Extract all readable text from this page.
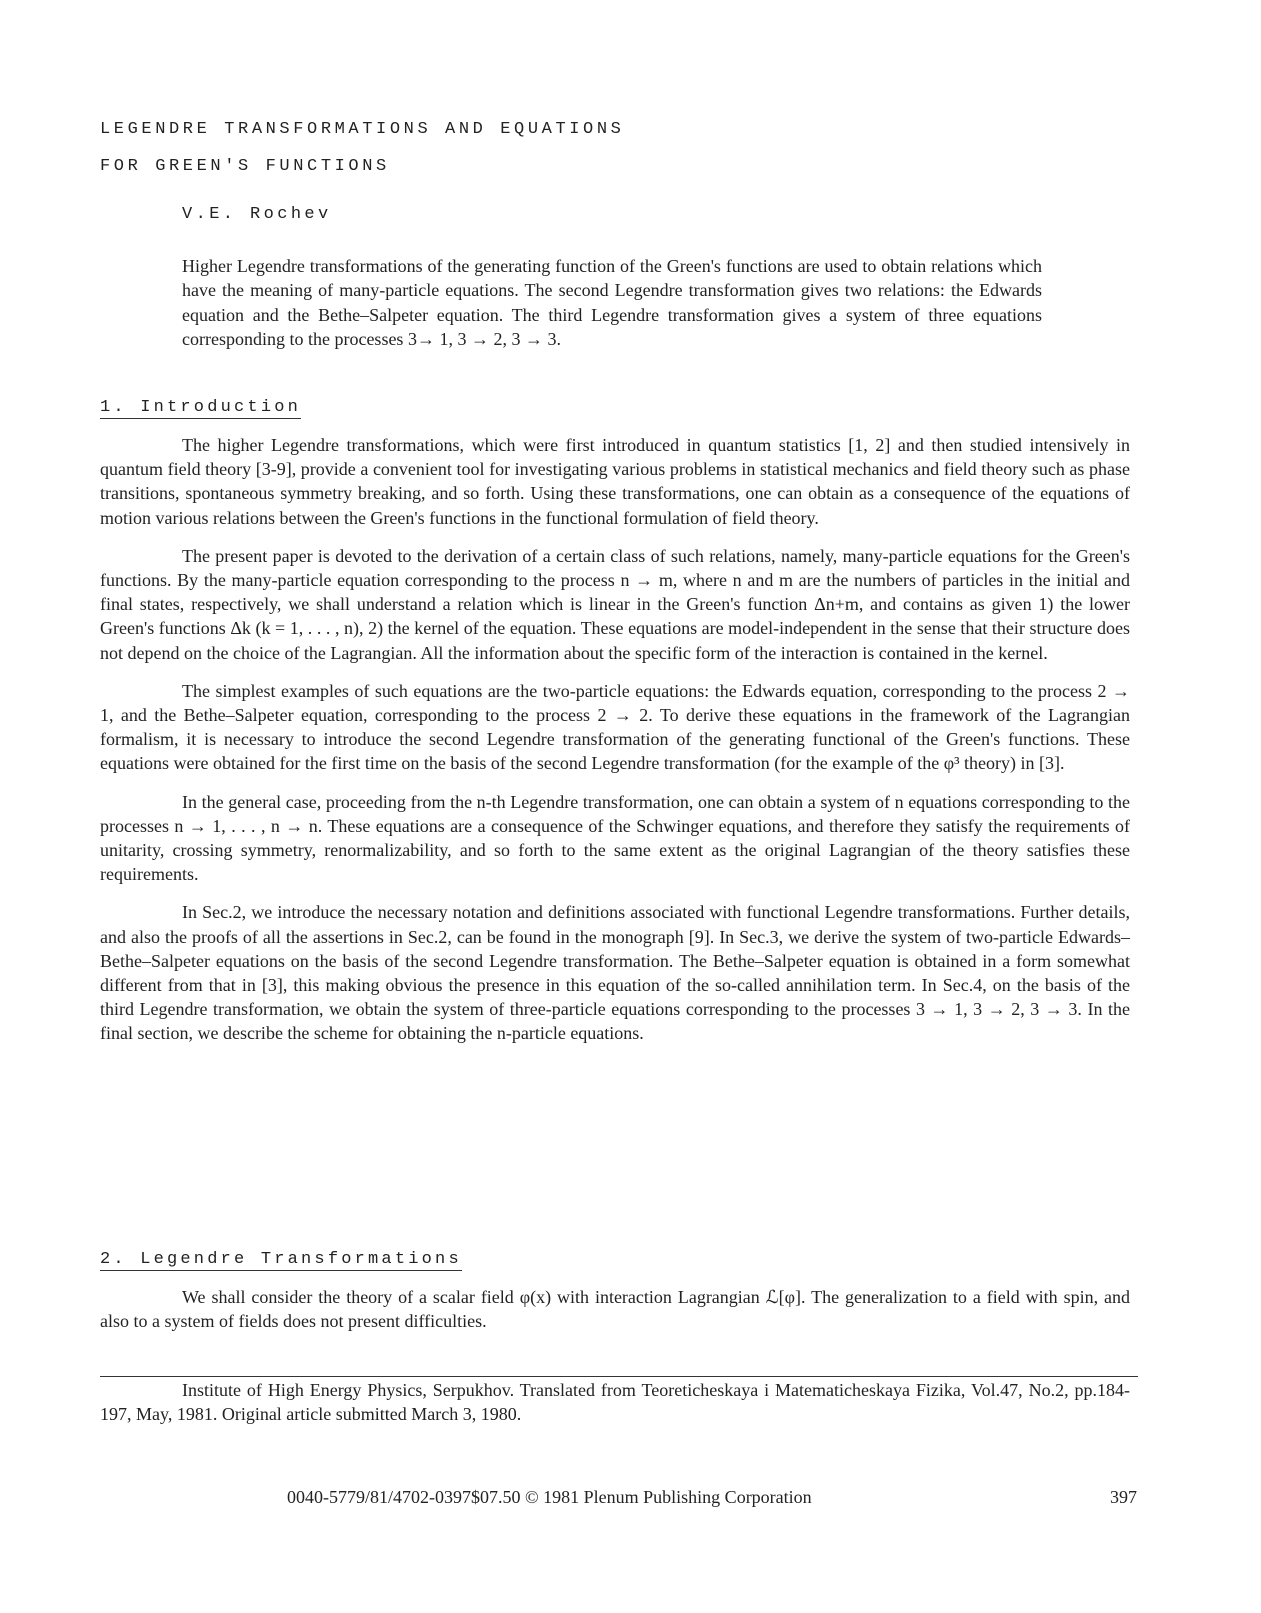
LEGENDRE TRANSFORMATIONS AND EQUATIONS
FOR GREEN'S FUNCTIONS
V.E. Rochev

Higher Legendre transformations of the generating function of the Green's functions are used to obtain relations which have the meaning of many-particle equations. The second Legendre transformation gives two relations: the Edwards equation and the Bethe–Salpeter equation. The third Legendre transformation gives a system of three equations corresponding to the processes 3→ 1, 3 → 2, 3 → 3.

1. Introduction

The higher Legendre transformations, which were first introduced in quantum statistics [1, 2] and then studied intensively in quantum field theory [3-9], provide a convenient tool for investigating various problems in statistical mechanics and field theory such as phase transitions, spontaneous symmetry breaking, and so forth. Using these transformations, one can obtain as a consequence of the equations of motion various relations between the Green's functions in the functional formulation of field theory.

The present paper is devoted to the derivation of a certain class of such relations, namely, many-particle equations for the Green's functions. By the many-particle equation corresponding to the process n → m, where n and m are the numbers of particles in the initial and final states, respectively, we shall understand a relation which is linear in the Green's function Δn+m, and contains as given 1) the lower Green's functions Δk (k = 1, . . . , n), 2) the kernel of the equation. These equations are model-independent in the sense that their structure does not depend on the choice of the Lagrangian. All the information about the specific form of the interaction is contained in the kernel.

The simplest examples of such equations are the two-particle equations: the Edwards equation, corresponding to the process 2 → 1, and the Bethe–Salpeter equation, corresponding to the process 2 → 2. To derive these equations in the framework of the Lagrangian formalism, it is necessary to introduce the second Legendre transformation of the generating functional of the Green's functions. These equations were obtained for the first time on the basis of the second Legendre transformation (for the example of the φ³ theory) in [3].

In the general case, proceeding from the n-th Legendre transformation, one can obtain a system of n equations corresponding to the processes n → 1, . . . , n → n. These equations are a consequence of the Schwinger equations, and therefore they satisfy the requirements of unitarity, crossing symmetry, renormalizability, and so forth to the same extent as the original Lagrangian of the theory satisfies these requirements.

In Sec.2, we introduce the necessary notation and definitions associated with functional Legendre transformations. Further details, and also the proofs of all the assertions in Sec.2, can be found in the monograph [9]. In Sec.3, we derive the system of two-particle Edwards–Bethe–Salpeter equations on the basis of the second Legendre transformation. The Bethe–Salpeter equation is obtained in a form somewhat different from that in [3], this making obvious the presence in this equation of the so-called annihilation term. In Sec.4, on the basis of the third Legendre transformation, we obtain the system of three-particle equations corresponding to the processes 3 → 1, 3 → 2, 3 → 3. In the final section, we describe the scheme for obtaining the n-particle equations.

2. Legendre Transformations

We shall consider the theory of a scalar field φ(x) with interaction Lagrangian ℒ[φ]. The generalization to a field with spin, and also to a system of fields does not present difficulties.

Institute of High Energy Physics, Serpukhov. Translated from Teoreticheskaya i Matematicheskaya Fizika, Vol.47, No.2, pp.184-197, May, 1981. Original article submitted March 3, 1980.

0040-5779/81/4702-0397$07.50 © 1981 Plenum Publishing Corporation	397
